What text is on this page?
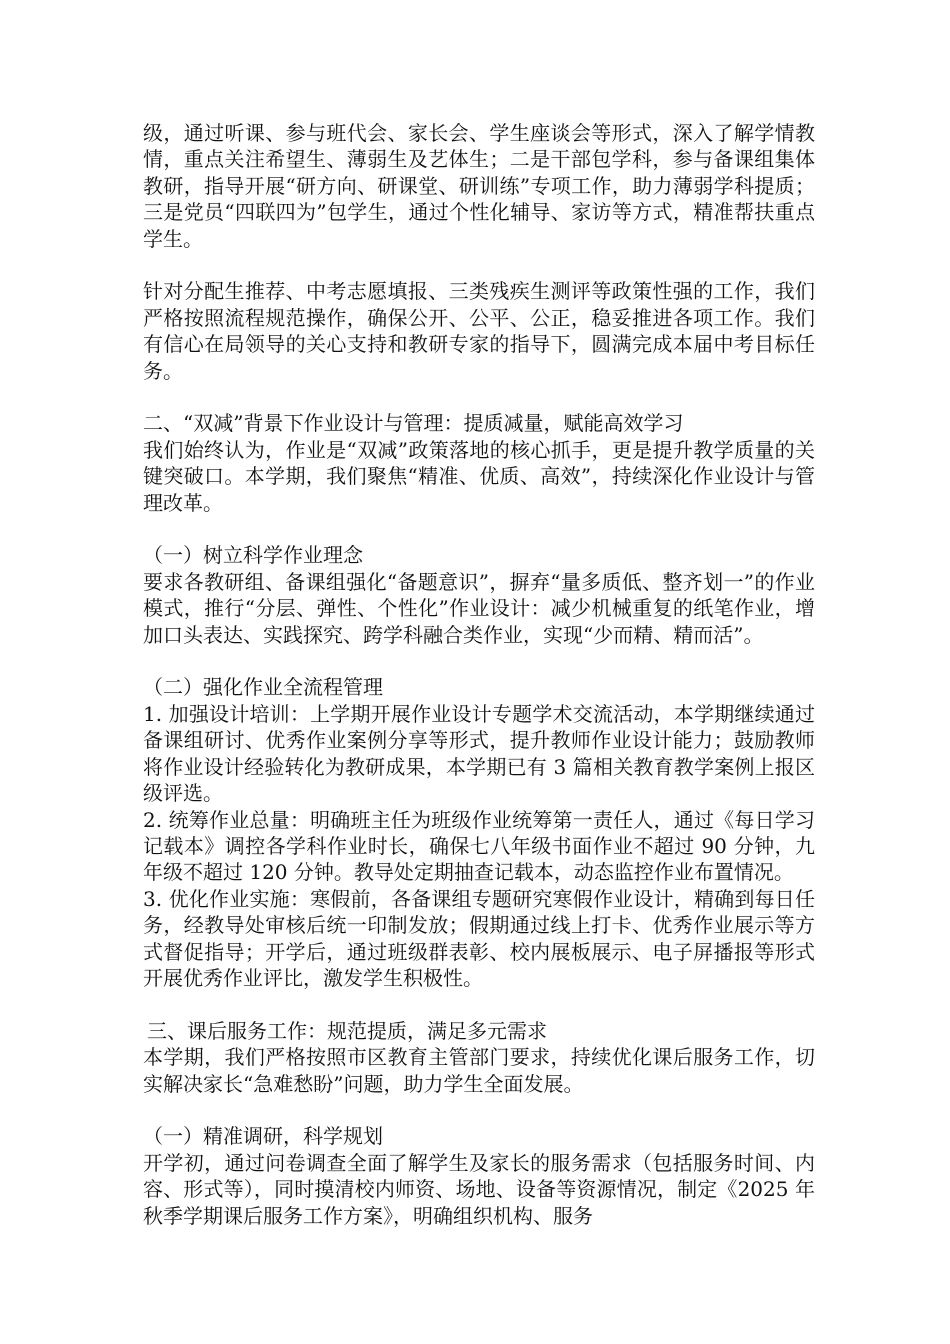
级，通过听课、参与班代会、家长会、学生座谈会等形式，深入了解学情教情，重点关注希望生、薄弱生及艺体生；二是干部包学科，参与备课组集体教研，指导开展“研方向、研课堂、研训练”专项工作，助力薄弱学科提质；三是党员“四联四为”包学生，通过个性化辅导、家访等方式，精准帮扶重点学生。

针对分配生推荐、中考志愿填报、三类残疾生测评等政策性强的工作，我们严格按照流程规范操作，确保公开、公平、公正，稳妥推进各项工作。我们有信心在局领导的关心支持和教研专家的指导下，圆满完成本届中考目标任务。

二、“双减”背景下作业设计与管理：提质减量，赋能高效学习

我们始终认为，作业是“双减”政策落地的核心抓手，更是提升教学质量的关键突破口。本学期，我们聚焦“精准、优质、高效”，持续深化作业设计与管理改革。

（一）树立科学作业理念

要求各教研组、备课组强化“备题意识”，摒弃“量多质低、整齐划一”的作业模式，推行“分层、弹性、个性化”作业设计：减少机械重复的纸笔作业，增加口头表达、实践探究、跨学科融合类作业，实现“少而精、精而活”。

（二）强化作业全流程管理

1. 加强设计培训：上学期开展作业设计专题学术交流活动，本学期继续通过备课组研讨、优秀作业案例分享等形式，提升教师作业设计能力；鼓励教师将作业设计经验转化为教研成果，本学期已有 3 篇相关教育教学案例上报区级评选。

2. 统筹作业总量：明确班主任为班级作业统筹第一责任人，通过《每日学习记载本》调控各学科作业时长，确保七八年级书面作业不超过 90 分钟，九年级不超过 120 分钟。教导处定期抽查记载本，动态监控作业布置情况。

3. 优化作业实施：寒假前，各备课组专题研究寒假作业设计，精确到每日任务，经教导处审核后统一印制发放；假期通过线上打卡、优秀作业展示等方式督促指导；开学后，通过班级群表彰、校内展板展示、电子屏播报等形式开展优秀作业评比，激发学生积极性。

三、课后服务工作：规范提质，满足多元需求

本学期，我们严格按照市区教育主管部门要求，持续优化课后服务工作，切实解决家长“急难愁盼”问题，助力学生全面发展。

（一）精准调研，科学规划

开学初，通过问卷调查全面了解学生及家长的服务需求（包括服务时间、内容、形式等），同时摸清校内师资、场地、设备等资源情况，制定《2025 年秋季学期课后服务工作方案》，明确组织机构、服务
